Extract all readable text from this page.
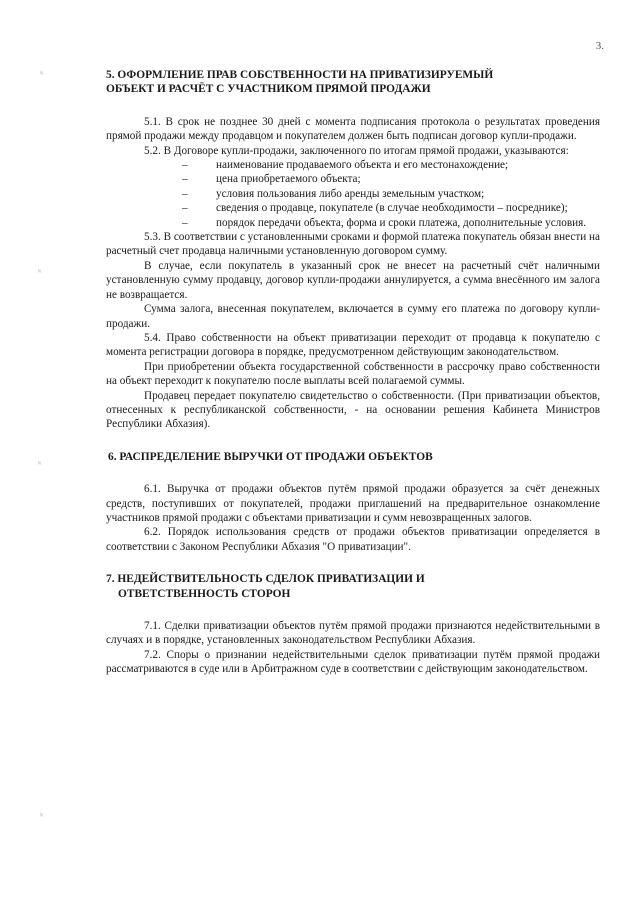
3.
ᵏ
ᵏ
ᵏ
ᵏ
5. ОФОРМЛЕНИЕ ПРАВ СОБСТВЕННОСТИ НА ПРИВАТИЗИРУЕМЫЙ
ОБЪЕКТ И РАСЧЁТ С УЧАСТНИКОМ ПРЯМОЙ ПРОДАЖИ

5.1. В срок не позднее 30 дней с момента подписания протокола о результатах проведения прямой продажи между продавцом и покупателем должен быть подписан договор купли-продажи.

5.2. В Договоре купли-продажи, заключенного по итогам прямой продажи, указываются:

–	наименование продаваемого объекта и его местонахождение;
–	цена приобретаемого объекта;
–	условия пользования либо аренды земельным участком;
–	сведения о продавце, покупателе (в случае необходимости – посреднике);
–	порядок передачи объекта, форма и сроки платежа, дополнительные условия.

5.3. В соответствии с установленными сроками и формой платежа покупатель обязан внести на расчетный счет продавца наличными установленную договором сумму.

В случае, если покупатель в указанный срок не внесет на расчетный счёт наличными установленную сумму продавцу, договор купли-продажи аннулируется, а сумма внесённого им залога не возвращается.

Сумма залога, внесенная покупателем, включается в сумму его платежа по договору купли-продажи.

5.4. Право собственности на объект приватизации переходит от продавца к покупателю с момента регистрации договора в порядке, предусмотренном действующим законодательством.

При приобретении объекта государственной собственности в рассрочку право собственности на объект переходит к покупателю после выплаты всей полагаемой суммы.

Продавец передает покупателю свидетельство о собственности. (При приватизации объектов, отнесенных к республиканской собственности, - на основании решения Кабинета Министров Республики Абхазия).

6. РАСПРЕДЕЛЕНИЕ ВЫРУЧКИ ОТ ПРОДАЖИ ОБЪЕКТОВ

6.1. Выручка от продажи объектов путём прямой продажи образуется за счёт денежных средств, поступивших от покупателей, продажи приглашений на предварительное ознакомление участников прямой продажи с объектами приватизации и сумм невозвращенных залогов.

6.2. Порядок использования средств от продажи объектов приватизации определяется в соответствии с Законом Республики Абхазия "О приватизации".

7. НЕДЕЙСТВИТЕЛЬНОСТЬ СДЕЛОК ПРИВАТИЗАЦИИ И
ОТВЕТСТВЕННОСТЬ СТОРОН

7.1. Сделки приватизации объектов путём прямой продажи признаются недействительными в случаях и в порядке, установленных законодательством Республики Абхазия.

7.2. Споры о признании недействительными сделок приватизации путём прямой продажи рассматриваются в суде или в Арбитражном суде в соответствии с действующим законодательством.
